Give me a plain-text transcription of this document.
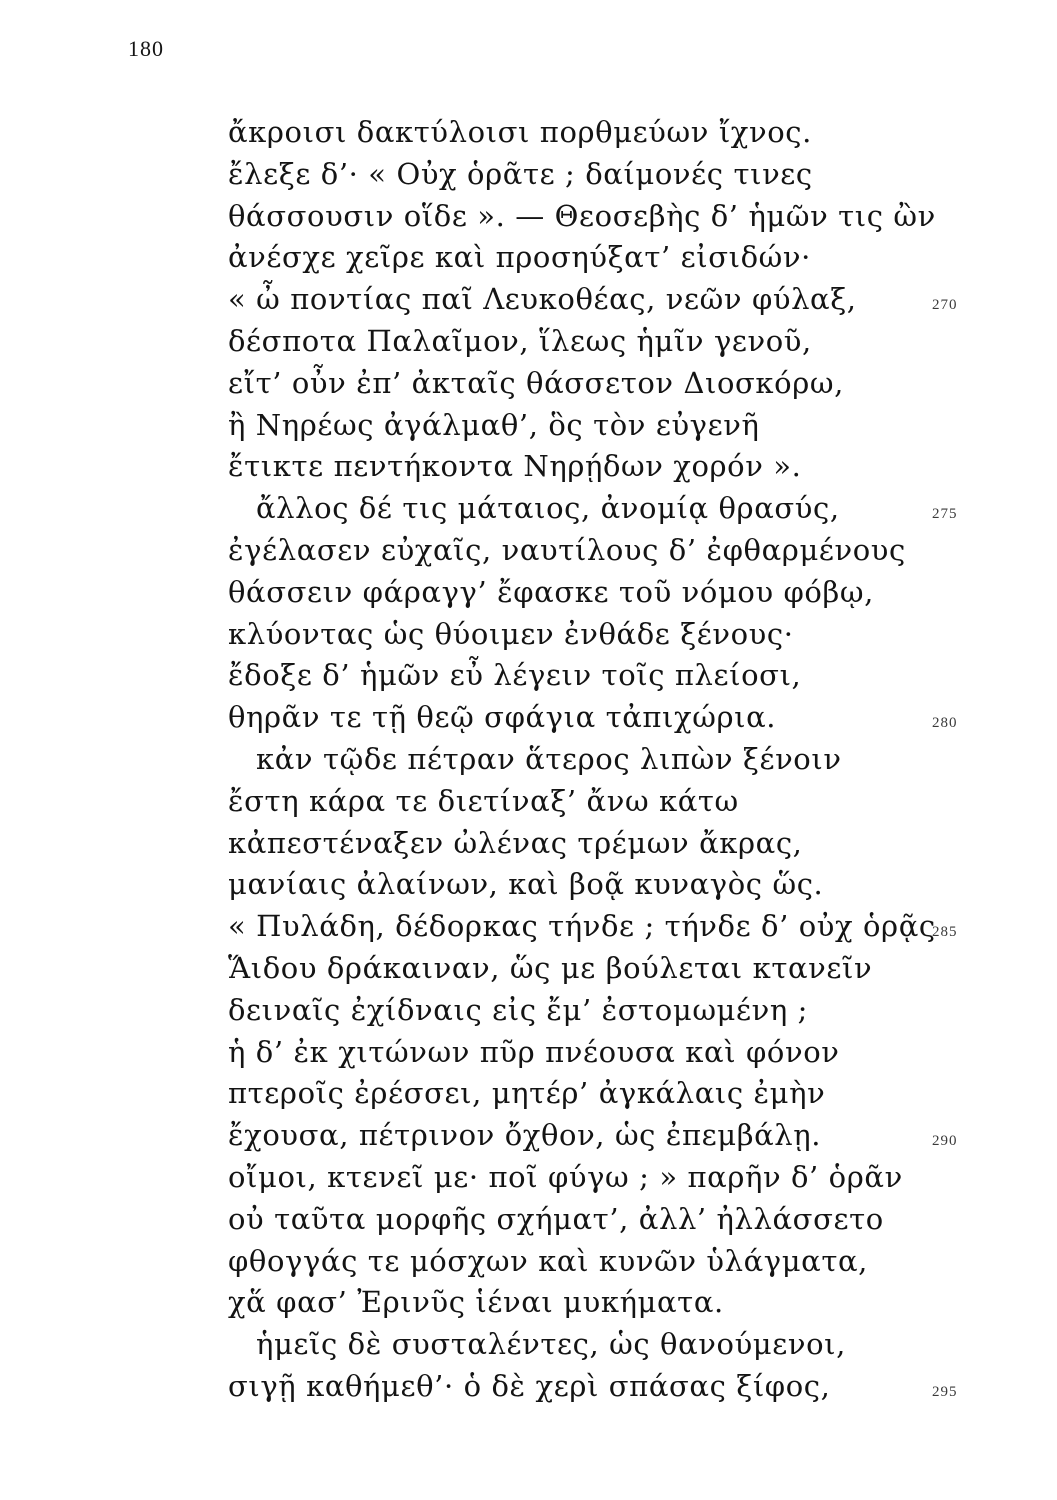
180
ἄκροισι δακτύλοισι πορθμεύων ἴχνος.
ἔλεξε δ’· « Οὐχ ὁρᾶτε ; δαίμονές τινες
θάσσουσιν οἵδε ». — Θεοσεβὴς δ’ ἡμῶν τις ὢν
ἀνέσχε χεῖρε καὶ προσηύξατ’ εἰσιδών·
« ὦ ποντίας παῖ Λευκοθέας, νεῶν φύλαξ,	270
δέσποτα Παλαῖμον, ἵλεως ἡμῖν γενοῦ,
εἴτ’ οὖν ἐπ’ ἀκταῖς θάσσετον Διοσκόρω,
ἢ Νηρέως ἀγάλμαθ’, ὃς τὸν εὐγενῆ
ἔτικτε πεντήκοντα Νηρῄδων χορόν ».
ἄλλος δέ τις μάταιος, ἀνομίᾳ θρασύς,	275
ἐγέλασεν εὐχαῖς, ναυτίλους δ’ ἐφθαρμένους
θάσσειν φάραγγ’ ἔφασκε τοῦ νόμου φόβῳ,
κλύοντας ὡς θύοιμεν ἐνθάδε ξένους·
ἔδοξε δ’ ἡμῶν εὖ λέγειν τοῖς πλείοσι,
θηρᾶν τε τῇ θεῷ σφάγια τἀπιχώρια.	280
κἀν τῷδε πέτραν ἅτερος λιπὼν ξένοιν
ἔστη κάρα τε διετίναξ’ ἄνω κάτω
κἀπεστέναξεν ὠλένας τρέμων ἄκρας,
μανίαις ἀλαίνων, καὶ βοᾷ κυναγὸς ὥς.
« Πυλάδη, δέδορκας τήνδε ; τήνδε δ’ οὐχ ὁρᾷς
285
Ἅιδου δράκαιναν, ὥς με βούλεται κτανεῖν
δειναῖς ἐχίδναις εἰς ἔμ’ ἐστομωμένη ;
ἡ δ’ ἐκ χιτώνων πῦρ πνέουσα καὶ φόνον
πτεροῖς ἐρέσσει, μητέρ’ ἀγκάλαις ἐμὴν
ἔχουσα, πέτρινον ὄχθον, ὡς ἐπεμβάλῃ.	290
οἴμοι, κτενεῖ με· ποῖ φύγω ; » παρῆν δ’ ὁρᾶν
οὐ ταῦτα μορφῆς σχήματ’, ἀλλ’ ἠλλάσσετο
φθογγάς τε μόσχων καὶ κυνῶν ὑλάγματα,
χἅ φασ’ Ἐρινῦς ἱέναι μυκήματα.
ἡμεῖς δὲ συσταλέντες, ὡς θανούμενοι,
σιγῇ καθήμεθ’· ὁ δὲ χερὶ σπάσας ξίφος,	295
